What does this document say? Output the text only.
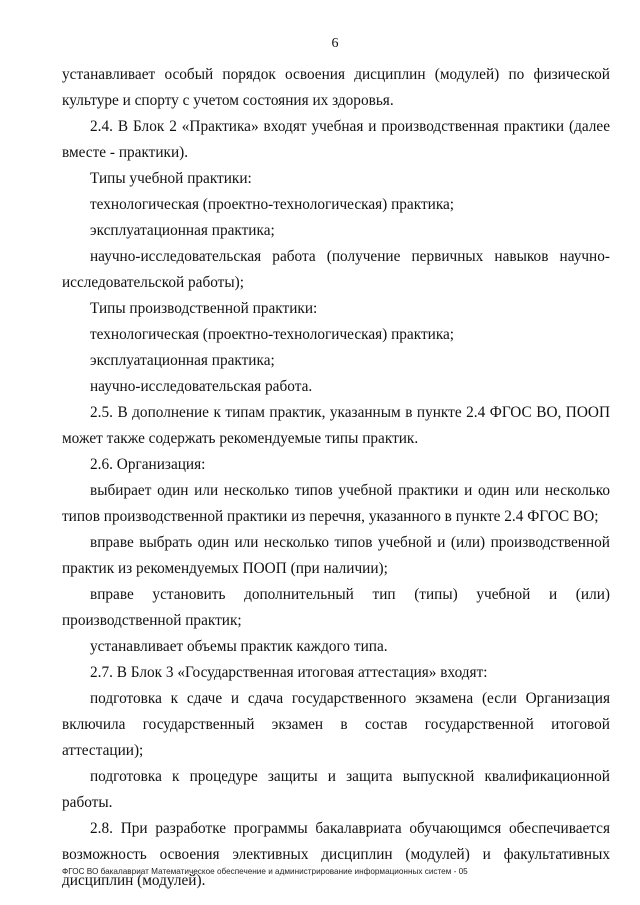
6

устанавливает особый порядок освоения дисциплин (модулей) по физической культуре и спорту с учетом состояния их здоровья.

2.4. В Блок 2 «Практика» входят учебная и производственная практики (далее вместе - практики).

Типы учебной практики:

технологическая (проектно-технологическая) практика;

эксплуатационная практика;

научно-исследовательская работа (получение первичных навыков научно-исследовательской работы);

Типы производственной практики:

технологическая (проектно-технологическая) практика;

эксплуатационная практика;

научно-исследовательская работа.

2.5. В дополнение к типам практик, указанным в пункте 2.4 ФГОС ВО, ПООП может также содержать рекомендуемые типы практик.

2.6. Организация:

выбирает один или несколько типов учебной практики и один или несколько типов производственной практики из перечня, указанного в пункте 2.4 ФГОС ВО;

вправе выбрать один или несколько типов учебной и (или) производственной практик из рекомендуемых ПООП (при наличии);

вправе установить дополнительный тип (типы) учебной и (или) производственной практик;

устанавливает объемы практик каждого типа.

2.7. В Блок 3 «Государственная итоговая аттестация» входят:

подготовка к сдаче и сдача государственного экзамена (если Организация включила государственный экзамен в состав государственной итоговой аттестации);

подготовка к процедуре защиты и защита выпускной квалификационной работы.

2.8. При разработке программы бакалавриата обучающимся обеспечивается возможность освоения элективных дисциплин (модулей) и факультативных дисциплин (модулей).

ФГОС ВО бакалавриат Математическое обеспечение и администрирование информационных систем - 05
